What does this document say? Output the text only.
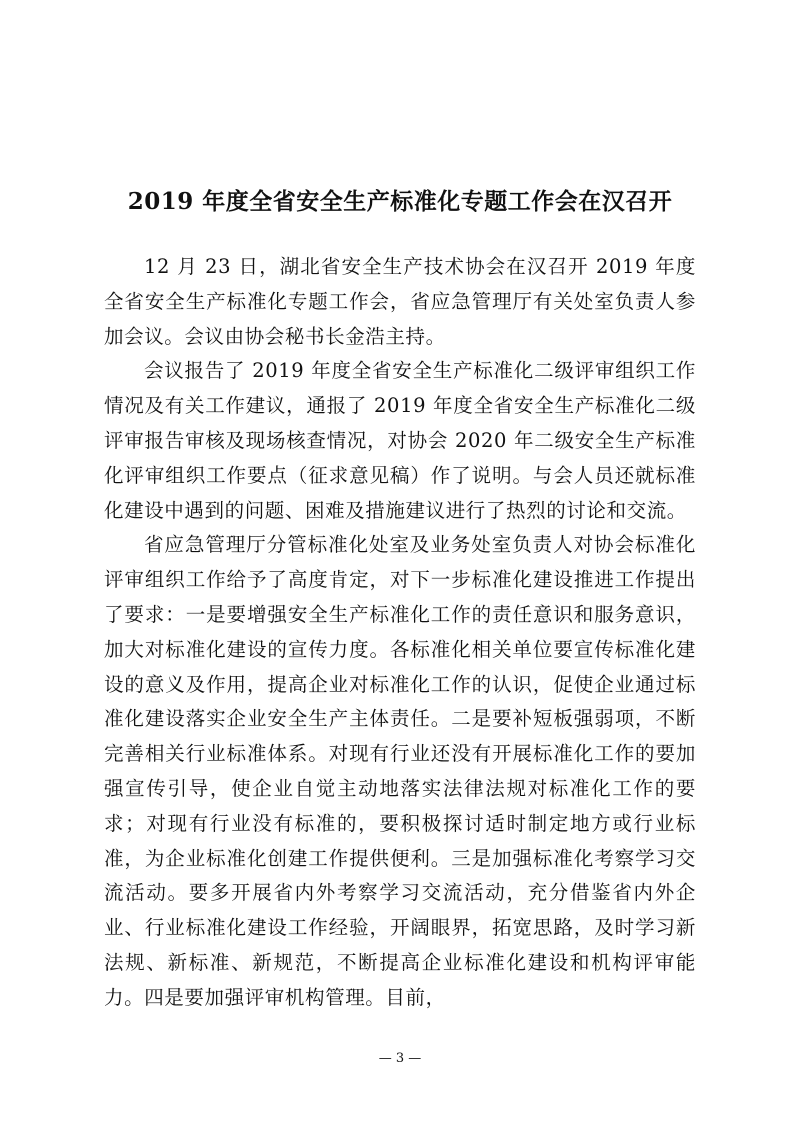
2019 年度全省安全生产标准化专题工作会在汉召开

12 月 23 日，湖北省安全生产技术协会在汉召开 2019 年度全省安全生产标准化专题工作会，省应急管理厅有关处室负责人参加会议。会议由协会秘书长金浩主持。

会议报告了 2019 年度全省安全生产标准化二级评审组织工作情况及有关工作建议，通报了 2019 年度全省安全生产标准化二级评审报告审核及现场核查情况，对协会 2020 年二级安全生产标准化评审组织工作要点（征求意见稿）作了说明。与会人员还就标准化建设中遇到的问题、困难及措施建议进行了热烈的讨论和交流。

省应急管理厅分管标准化处室及业务处室负责人对协会标准化评审组织工作给予了高度肯定，对下一步标准化建设推进工作提出了要求：一是要增强安全生产标准化工作的责任意识和服务意识，加大对标准化建设的宣传力度。各标准化相关单位要宣传标准化建设的意义及作用，提高企业对标准化工作的认识，促使企业通过标准化建设落实企业安全生产主体责任。二是要补短板强弱项，不断完善相关行业标准体系。对现有行业还没有开展标准化工作的要加强宣传引导，使企业自觉主动地落实法律法规对标准化工作的要求；对现有行业没有标准的，要积极探讨适时制定地方或行业标准，为企业标准化创建工作提供便利。三是加强标准化考察学习交流活动。要多开展省内外考察学习交流活动，充分借鉴省内外企业、行业标准化建设工作经验，开阔眼界，拓宽思路，及时学习新法规、新标准、新规范，不断提高企业标准化建设和机构评审能力。四是要加强评审机构管理。目前，

— 3 —
